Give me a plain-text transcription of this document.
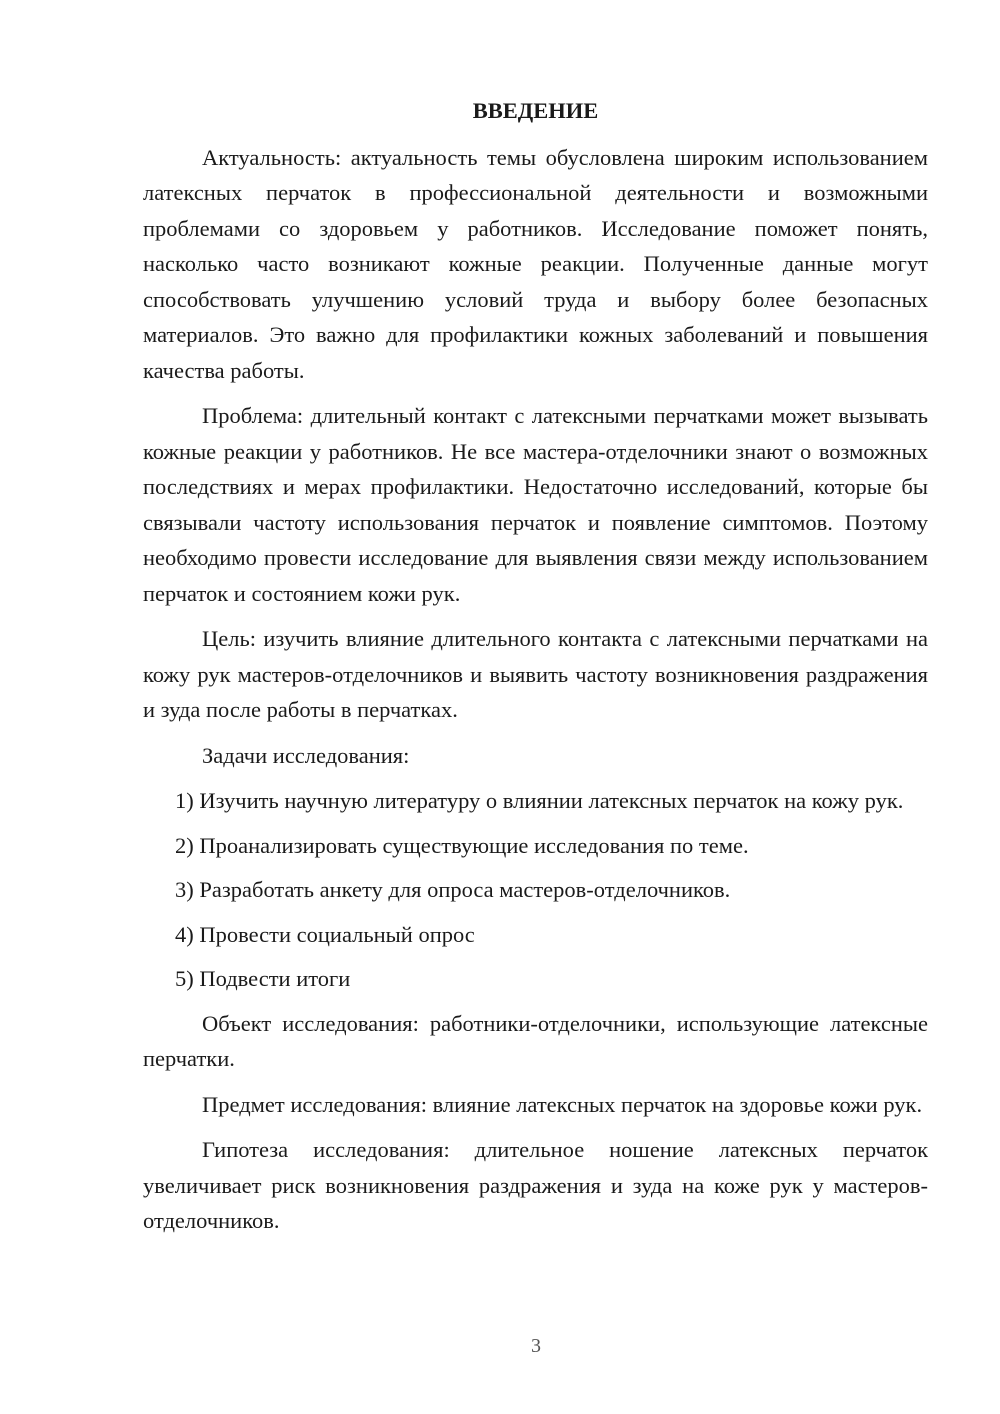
ВВЕДЕНИЕ

Актуальность: актуальность темы обусловлена широким использованием латексных перчаток в профессиональной деятельности и возможными проблемами со здоровьем у работников. Исследование поможет понять, насколько часто возникают кожные реакции. Полученные данные могут способствовать улучшению условий труда и выбору более безопасных материалов. Это важно для профилактики кожных заболеваний и повышения качества работы.

Проблема: длительный контакт с латексными перчатками может вызывать кожные реакции у работников. Не все мастера-отделочники знают о возможных последствиях и мерах профилактики. Недостаточно исследований, которые бы связывали частоту использования перчаток и появление симптомов. Поэтому необходимо провести исследование для выявления связи между использованием перчаток и состоянием кожи рук.

Цель: изучить влияние длительного контакта с латексными перчатками на кожу рук мастеров-отделочников и выявить частоту возникновения раздражения и зуда после работы в перчатках.

Задачи исследования:

1) Изучить научную литературу о влиянии латексных перчаток на кожу рук.

2) Проанализировать существующие исследования по теме.

3) Разработать анкету для опроса мастеров-отделочников.

4) Провести социальный опрос

5) Подвести итоги

Объект исследования: работники-отделочники, использующие латексные перчатки.

Предмет исследования: влияние латексных перчаток на здоровье кожи рук.

Гипотеза исследования: длительное ношение латексных перчаток увеличивает риск возникновения раздражения и зуда на коже рук у мастеров-отделочников.

3
